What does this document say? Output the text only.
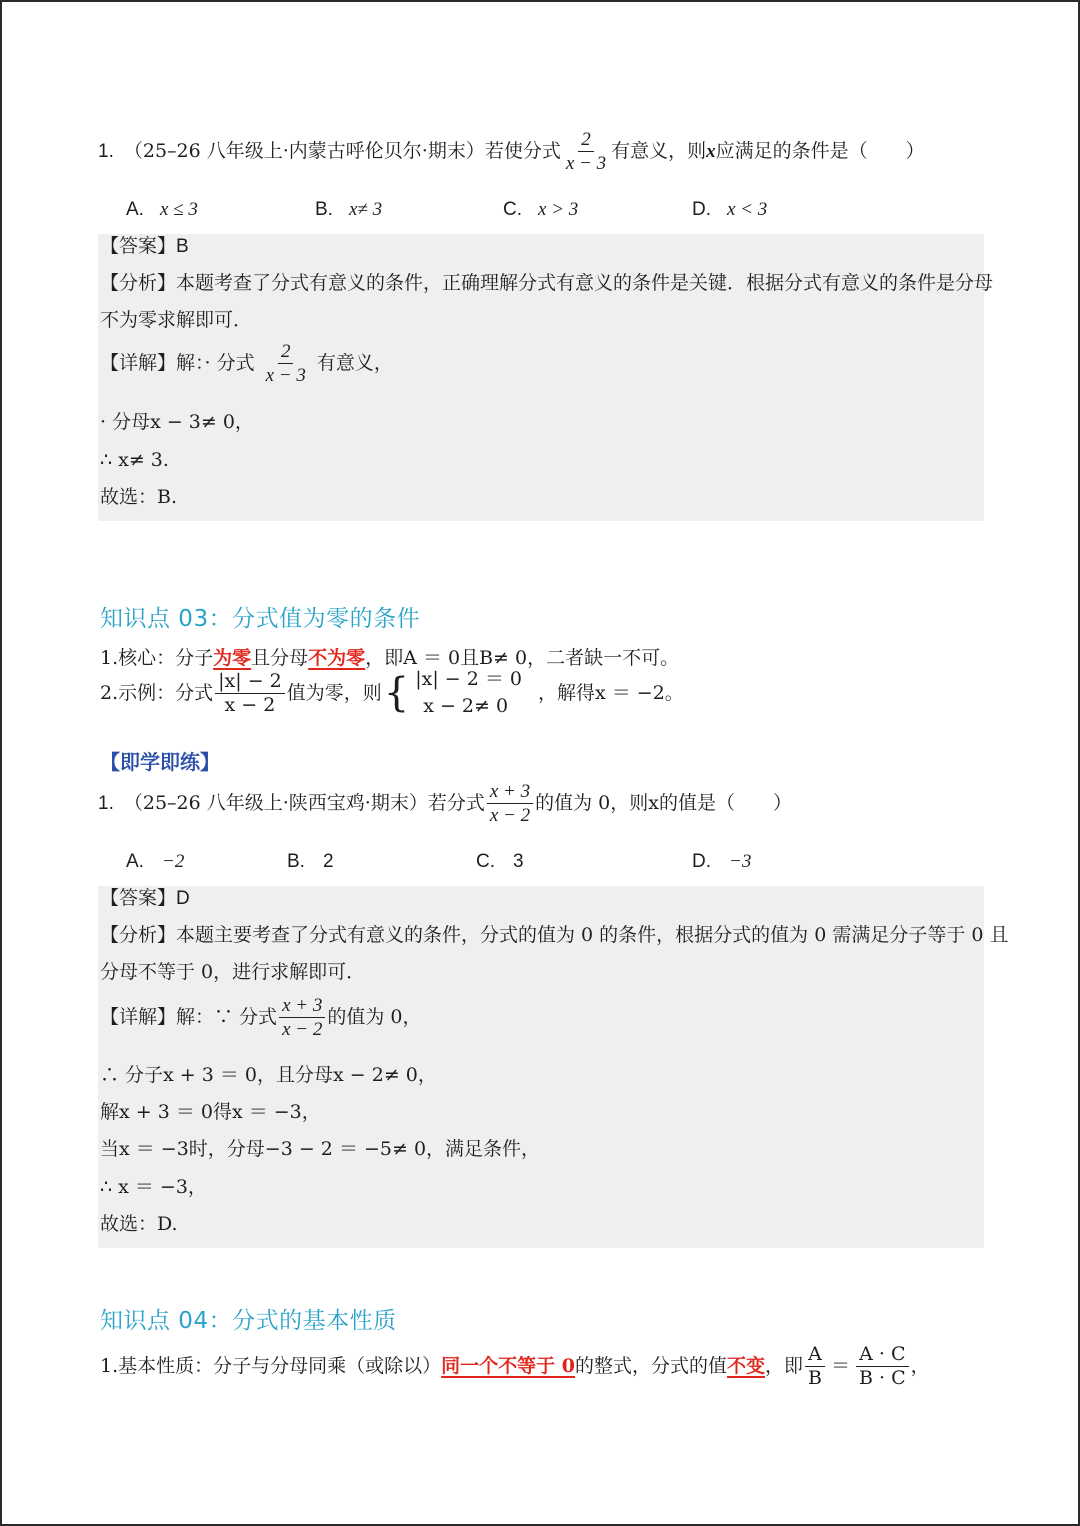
1. （25–26 八年级上·内蒙古呼伦贝尔·期末） 若使分式 $\frac{2}{x - 3}$ 有意义，则 x 应满足的条件是（　　）
A. x ≤ 3	B. x≠ 3	C. x > 3	D. x < 3
【答案】B
【分析】本题考查了分式有意义的条件，正确理解分式有意义的条件是关键．根据分式有意义的条件是分母
不为零求解即可．
【详解】 解：· 分式 $\frac{2}{x - 3}$ 有意义，
· 分母x − 3≠ 0，
∴ x≠ 3.
故选：B.
知识点 03：分式值为零的条件
1.核心：分子为零且分母不为零，即A ＝ 0且B≠ 0，二者缺一不可。
2.示例：分式 $\frac{|x| - 2}{x - 2}$ 值为零，则 { |x| − 2 ＝ 0
x − 2≠ 0
，解得x ＝ −2。
【即学即练】
1. （25–26 八年级上·陕西宝鸡·期末） 若分式 $\frac{x + 3}{x - 2}$ 的值为 0，则x的值是（　　）
A. −2	B. 2	C. 3	D. −3
【答案】D
【分析】本题主要考查了分式有意义的条件，分式的值为 0 的条件，根据分式的值为 0 需满足分子等于 0 且
分母不等于 0，进行求解即可．
【详解】 解：∵ 分式 $\frac{x + 3}{x - 2}$ 的值为 0，
∴ 分子x + 3 ＝ 0，且分母x − 2≠ 0，
解x + 3 ＝ 0得x ＝ −3，
当x ＝ −3时，分母−3 − 2 ＝ −5≠ 0，满足条件，
∴ x ＝ −3，
故选：D.
知识点 04：分式的基本性质
1.基本性质：分子与分母同乘（或除以） 同一个不等于 0 的整式，分式的值 不变 ，即 $\frac{A}{B} = \frac{A \cdot C}{B \cdot C}$ ，
